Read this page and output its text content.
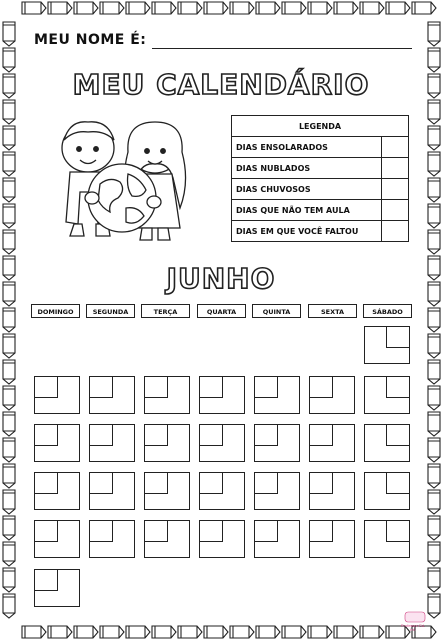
MEU NOME É:
MEU CALENDÁRIO
LEGENDA	
DIAS ENSOLARADOS	
DIAS NUBLADOS	
DIAS CHUVOSOS	
DIAS QUE NÃO TEM AULA	
DIAS EM QUE VOCÊ FALTOU	
JUNHO
DOMINGO	SEGUNDA	TERÇA	QUARTA	QUINTA	SEXTA	SÁBADO
Professor Ed. Inf.
